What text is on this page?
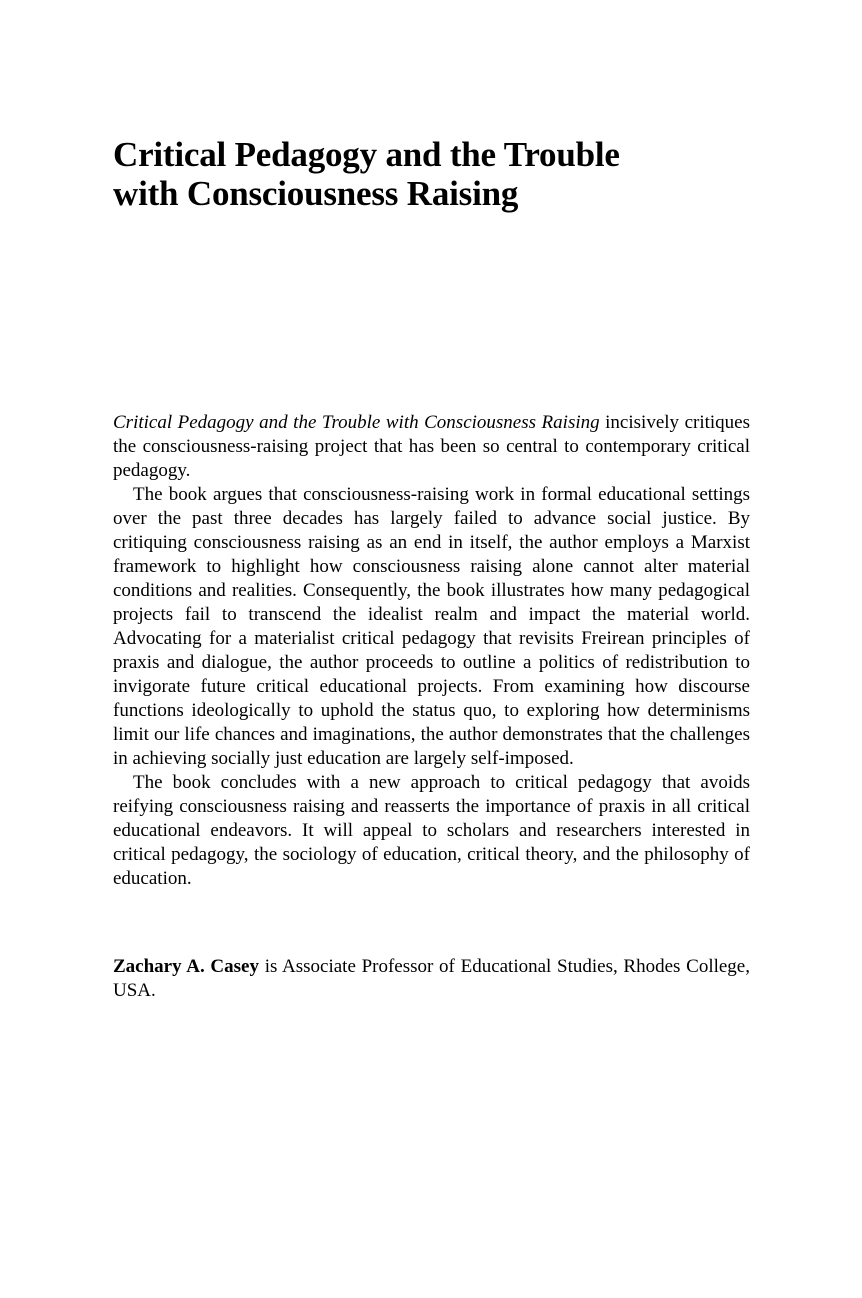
Critical Pedagogy and the Trouble
with Consciousness Raising

Critical Pedagogy and the Trouble with Consciousness Raising incisively critiques the consciousness-raising project that has been so central to contemporary critical pedagogy.

The book argues that consciousness-raising work in formal educational settings over the past three decades has largely failed to advance social justice. By critiquing consciousness raising as an end in itself, the author employs a Marxist framework to highlight how consciousness raising alone cannot alter material conditions and realities. Consequently, the book illustrates how many pedagogical projects fail to transcend the idealist realm and impact the material world. Advocating for a materialist critical pedagogy that revisits Freirean principles of praxis and dialogue, the author proceeds to outline a politics of redistribution to invigorate future critical educational projects. From examining how discourse functions ideologically to uphold the status quo, to exploring how determinisms limit our life chances and imaginations, the author demonstrates that the challenges in achieving socially just education are largely self-imposed.

The book concludes with a new approach to critical pedagogy that avoids reifying consciousness raising and reasserts the importance of praxis in all critical educational endeavors. It will appeal to scholars and researchers interested in critical pedagogy, the sociology of education, critical theory, and the philosophy of education.

Zachary A. Casey is Associate Professor of Educational Studies, Rhodes College, USA.
